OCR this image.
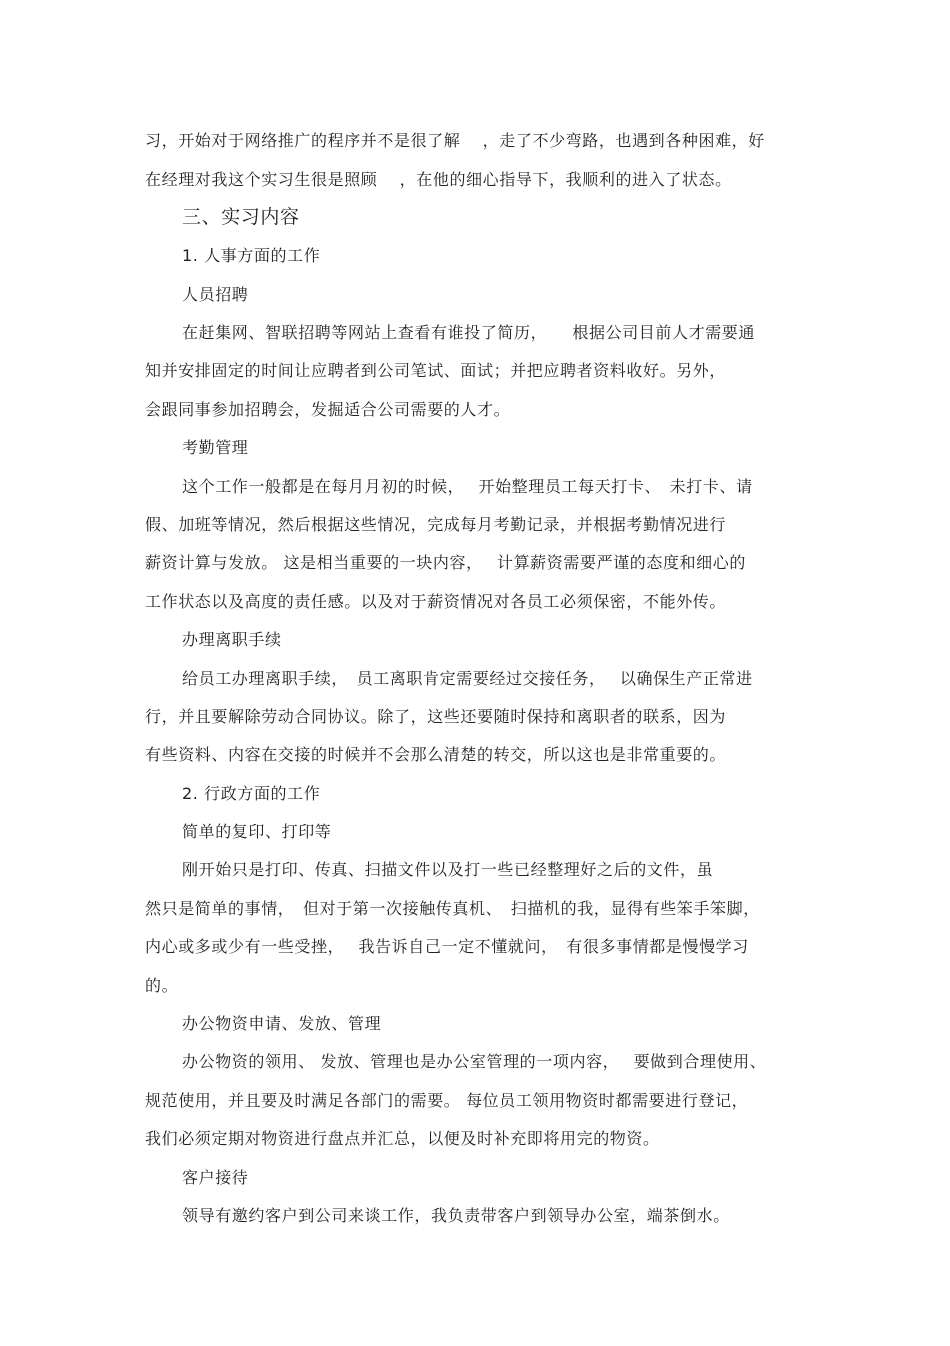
习，开始对于网络推广的程序并不是很了解　 ，走了不少弯路，也遇到各种困难，好

在经理对我这个实习生很是照顾　 ，在他的细心指导下，我顺利的进入了状态。

三、实习内容

1. 人事方面的工作

人员招聘

在赶集网、智联招聘等网站上查看有谁投了简历，　　根据公司目前人才需要通

知并安排固定的时间让应聘者到公司笔试、面试；并把应聘者资料收好。另外，

会跟同事参加招聘会，发掘适合公司需要的人才。

考勤管理

这个工作一般都是在每月月初的时候，　 开始整理员工每天打卡、　未打卡、请

假、加班等情况，然后根据这些情况，完成每月考勤记录，并根据考勤情况进行

薪资计算与发放。 这是相当重要的一块内容，　 计算薪资需要严谨的态度和细心的

工作状态以及高度的责任感。以及对于薪资情况对各员工必须保密，不能外传。

办理离职手续

给员工办理离职手续，　员工离职肯定需要经过交接任务，　 以确保生产正常进

行，并且要解除劳动合同协议。除了，这些还要随时保持和离职者的联系，因为

有些资料、内容在交接的时候并不会那么清楚的转交，所以这也是非常重要的。

2. 行政方面的工作

简单的复印、打印等

刚开始只是打印、传真、扫描文件以及打一些已经整理好之后的文件，虽

然只是简单的事情，　但对于第一次接触传真机、　扫描机的我，显得有些笨手笨脚，

内心或多或少有一些受挫，　 我告诉自己一定不懂就问，　有很多事情都是慢慢学习

的。

办公物资申请、发放、管理

办公物资的领用、 发放、管理也是办公室管理的一项内容，　 要做到合理使用、

规范使用，并且要及时满足各部门的需要。 每位员工领用物资时都需要进行登记，

我们必须定期对物资进行盘点并汇总，以便及时补充即将用完的物资。

客户接待

领导有邀约客户到公司来谈工作，我负责带客户到领导办公室，端茶倒水。
